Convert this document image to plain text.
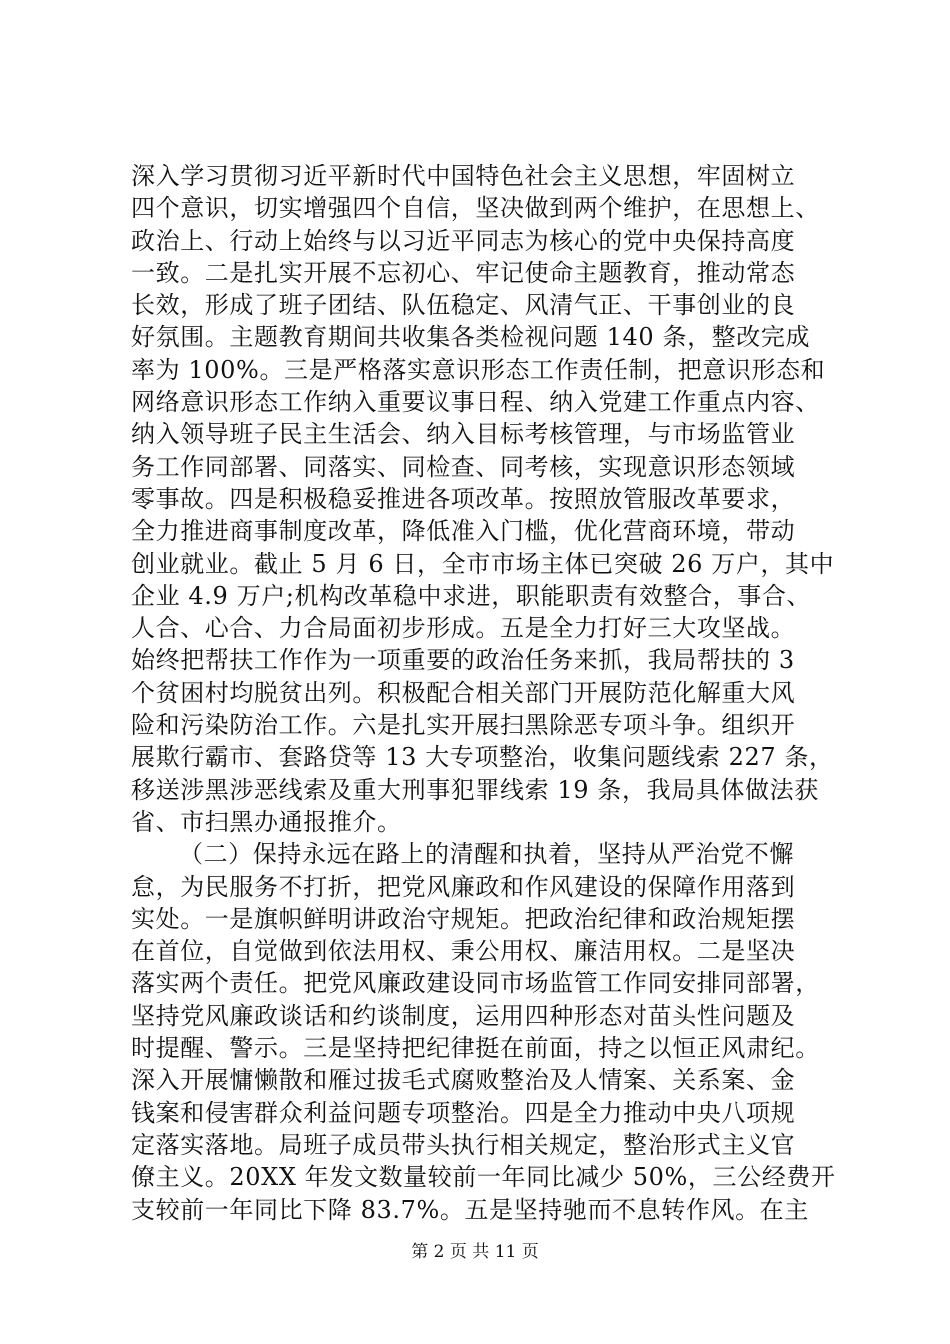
深入学习贯彻习近平新时代中国特色社会主义思想，牢固树立
四个意识，切实增强四个自信，坚决做到两个维护，在思想上、
政治上、行动上始终与以习近平同志为核心的党中央保持高度
一致。二是扎实开展不忘初心、牢记使命主题教育，推动常态
长效，形成了班子团结、队伍稳定、风清气正、干事创业的良
好氛围。主题教育期间共收集各类检视问题 140 条，整改完成
率为 100%。三是严格落实意识形态工作责任制，把意识形态和
网络意识形态工作纳入重要议事日程、纳入党建工作重点内容、
纳入领导班子民主生活会、纳入目标考核管理，与市场监管业
务工作同部署、同落实、同检查、同考核，实现意识形态领域
零事故。四是积极稳妥推进各项改革。按照放管服改革要求，
全力推进商事制度改革，降低准入门槛，优化营商环境，带动
创业就业。截止 5 月 6 日，全市市场主体已突破 26 万户，其中
企业 4.9 万户;机构改革稳中求进，职能职责有效整合，事合、
人合、心合、力合局面初步形成。五是全力打好三大攻坚战。
始终把帮扶工作作为一项重要的政治任务来抓，我局帮扶的 3
个贫困村均脱贫出列。积极配合相关部门开展防范化解重大风
险和污染防治工作。六是扎实开展扫黑除恶专项斗争。组织开
展欺行霸市、套路贷等 13 大专项整治，收集问题线索 227 条，
移送涉黑涉恶线索及重大刑事犯罪线索 19 条，我局具体做法获
省、市扫黑办通报推介。
（二）保持永远在路上的清醒和执着，坚持从严治党不懈
怠，为民服务不打折，把党风廉政和作风建设的保障作用落到
实处。一是旗帜鲜明讲政治守规矩。把政治纪律和政治规矩摆
在首位，自觉做到依法用权、秉公用权、廉洁用权。二是坚决
落实两个责任。把党风廉政建设同市场监管工作同安排同部署，
坚持党风廉政谈话和约谈制度，运用四种形态对苗头性问题及
时提醒、警示。三是坚持把纪律挺在前面，持之以恒正风肃纪。
深入开展慵懒散和雁过拔毛式腐败整治及人情案、关系案、金
钱案和侵害群众利益问题专项整治。四是全力推动中央八项规
定落实落地。局班子成员带头执行相关规定，整治形式主义官
僚主义。20XX 年发文数量较前一年同比减少 50%，三公经费开
支较前一年同比下降 83.7%。五是坚持驰而不息转作风。在主
第 2 页 共 11 页
